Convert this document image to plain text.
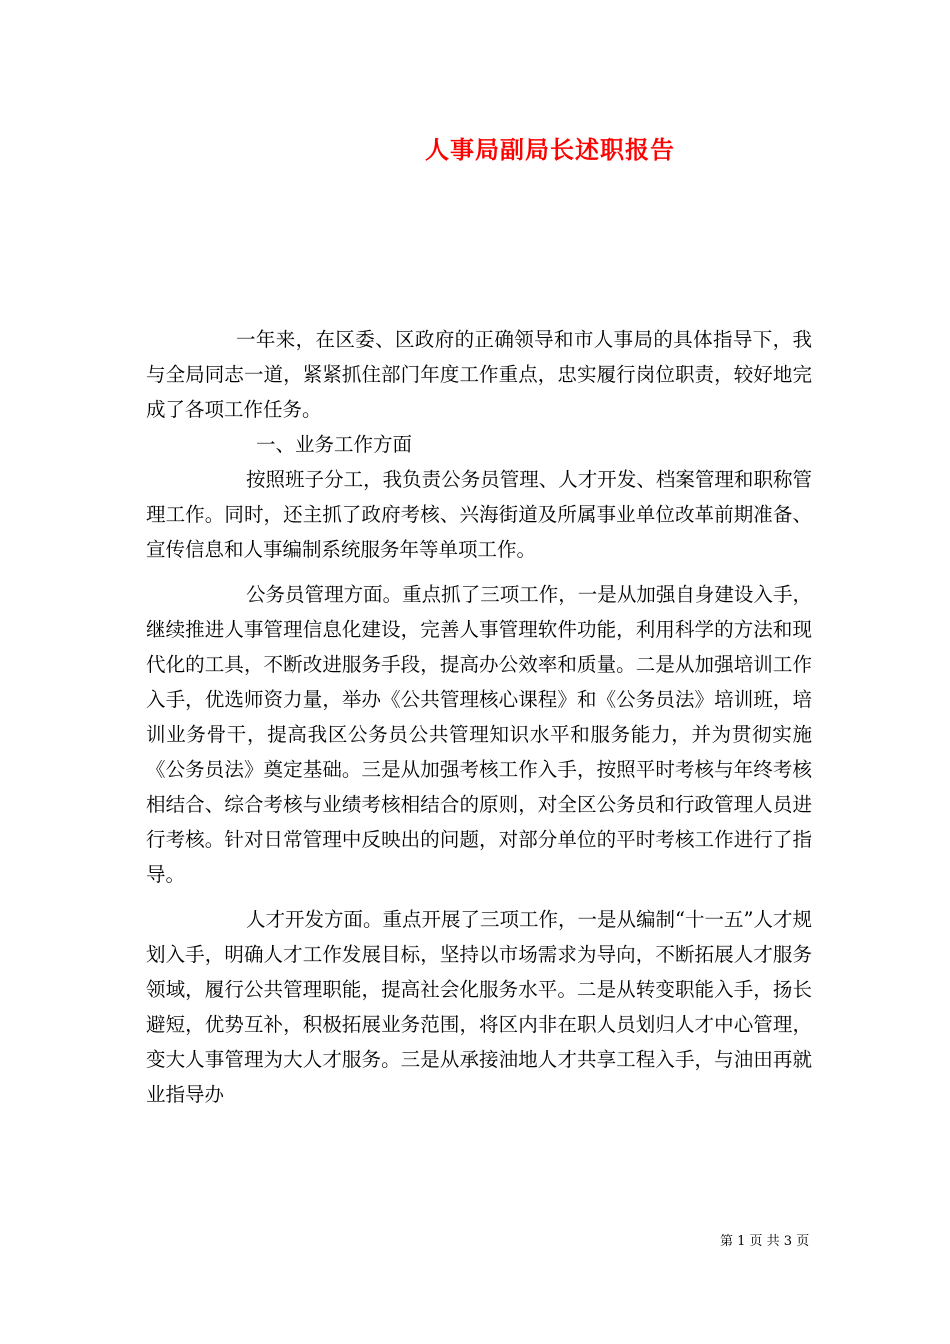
人事局副局长述职报告

一年来，在区委、区政府的正确领导和市人事局的具体指导下，我与全局同志一道，紧紧抓住部门年度工作重点，忠实履行岗位职责，较好地完成了各项工作任务。

一、业务工作方面

按照班子分工，我负责公务员管理、人才开发、档案管理和职称管理工作。同时，还主抓了政府考核、兴海街道及所属事业单位改革前期准备、宣传信息和人事编制系统服务年等单项工作。

公务员管理方面。重点抓了三项工作，一是从加强自身建设入手，继续推进人事管理信息化建设，完善人事管理软件功能，利用科学的方法和现代化的工具，不断改进服务手段，提高办公效率和质量。二是从加强培训工作入手，优选师资力量，举办《公共管理核心课程》和《公务员法》培训班，培训业务骨干，提高我区公务员公共管理知识水平和服务能力，并为贯彻实施《公务员法》奠定基础。三是从加强考核工作入手，按照平时考核与年终考核相结合、综合考核与业绩考核相结合的原则，对全区公务员和行政管理人员进行考核。针对日常管理中反映出的问题，对部分单位的平时考核工作进行了指导。

人才开发方面。重点开展了三项工作，一是从编制“十一五”人才规划入手，明确人才工作发展目标，坚持以市场需求为导向，不断拓展人才服务领域，履行公共管理职能，提高社会化服务水平。二是从转变职能入手，扬长避短，优势互补，积极拓展业务范围，将区内非在职人员划归人才中心管理，变大人事管理为大人才服务。三是从承接油地人才共享工程入手，与油田再就业指导办

第 1 页 共 3 页
